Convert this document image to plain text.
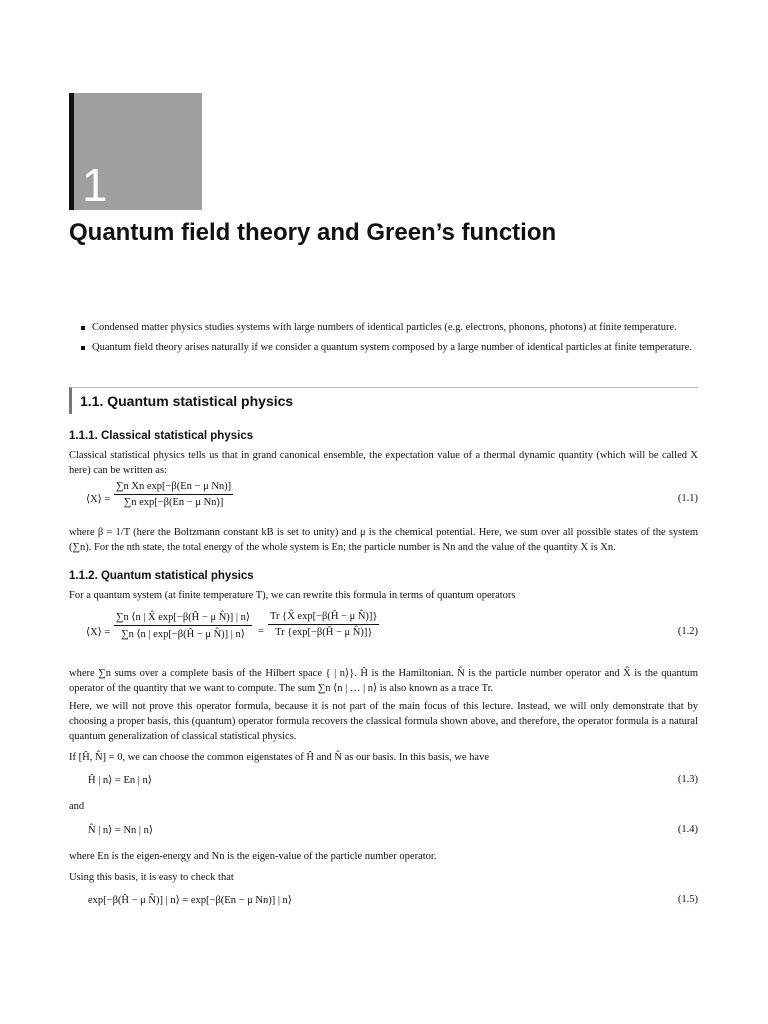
1
Quantum field theory and Green’s function
Condensed matter physics studies systems with large numbers of identical particles (e.g. electrons, phonons, photons) at finite temperature.
Quantum field theory arises naturally if we consider a quantum system composed by a large number of identical particles at finite temperature.
1.1. Quantum statistical physics
1.1.1. Classical statistical physics

Classical statistical physics tells us that in grand canonical ensemble, the expectation value of a thermal dynamic quantity (which will be called X here) can be written as:

⟨X⟩ = $\frac{\text{∑n Xn exp[−β(En − μ Nn)]}}{\text{∑n exp[−β(En − μ Nn)]}}$	(1.1)

where β = 1/T (here the Boltzmann constant kB is set to unity) and μ is the chemical potential. Here, we sum over all possible states of the system (∑n). For the nth state, the total energy of the whole system is En; the particle number is Nn and the value of the quantity X is Xn.

1.1.2. Quantum statistical physics

For a quantum system (at finite temperature T), we can rewrite this formula in terms of quantum operators

⟨X⟩ = $\frac{\text{∑n ⟨n | X̂ exp[−β(Ĥ − μ N̂)] | n⟩}}{\text{∑n ⟨n | exp[−β(Ĥ − μ N̂)] | n⟩}} = \frac{\text{Tr \{X̂ exp[−β(Ĥ − μ N̂)]\}}}{\text{Tr \{exp[−β(Ĥ − μ N̂)]\}}}$	(1.2)

where ∑n sums over a complete basis of the Hilbert space { | n⟩}. Ĥ is the Hamiltonian. N̂ is the particle number operator and X̂ is the quantum operator of the quantity that we want to compute. The sum ∑n ⟨n | … | n⟩ is also known as a trace Tr.

Here, we will not prove this operator formula, because it is not part of the main focus of this lecture. Instead, we will only demonstrate that by choosing a proper basis, this (quantum) operator formula recovers the classical formula shown above, and therefore, the operator formula is a natural quantum generalization of classical statistical physics.

If [Ĥ, N̂] = 0, we can choose the common eigenstates of Ĥ and N̂ as our basis. In this basis, we have

Ĥ | n⟩ = En | n⟩	(1.3)

and

N̂ | n⟩ = Nn | n⟩	(1.4)

where En is the eigen-energy and Nn is the eigen-value of the particle number operator.

Using this basis, it is easy to check that

exp[−β(Ĥ − μ N̂)] | n⟩ = exp[−β(En − μ Nn)] | n⟩	(1.5)
